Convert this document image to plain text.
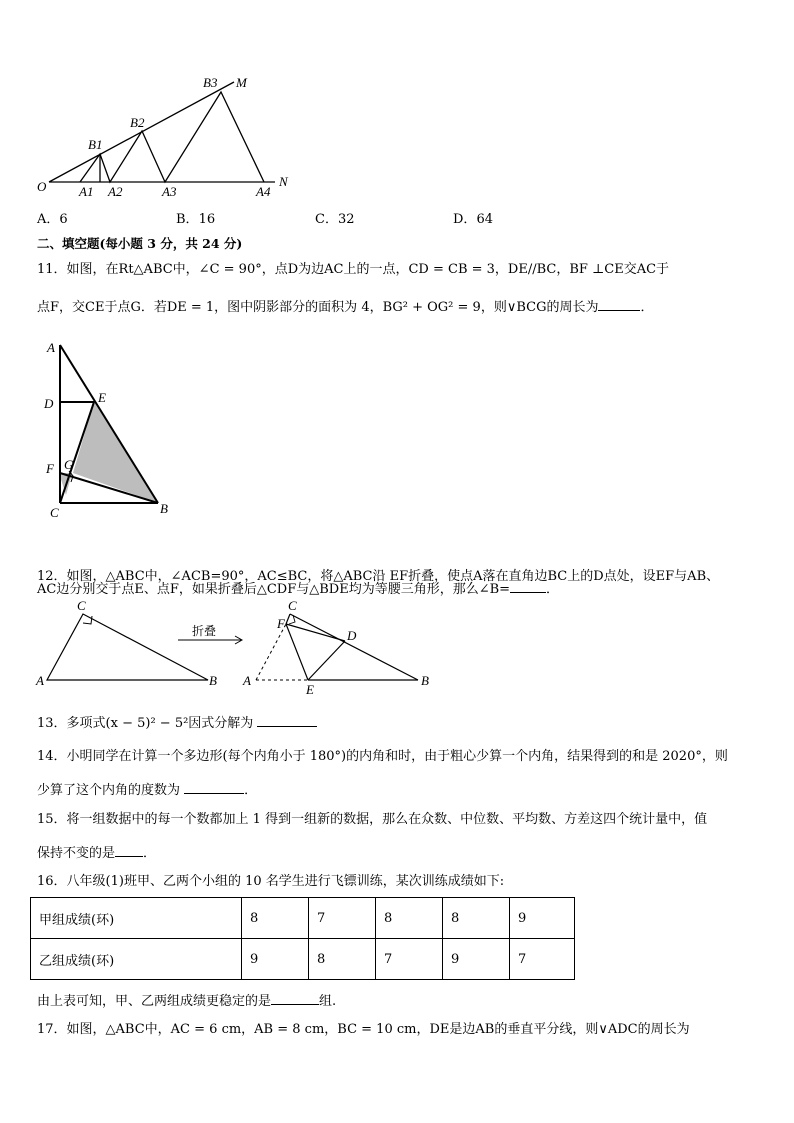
B3 M
B2
B1
O	A1 A2	A3	A4
N
A．6	B．16	C．32	D．64
二、填空题(每小题 3 分，共 24 分)
11．如图，在Rt△ABC中，∠C = 90°，点D为边AC上的一点，CD = CB = 3，DE//BC，BF ⊥CE交AC于
点F，交CE于点G．若DE = 1，图中阴影部分的面积为 4，BG² + OG² = 9，则∨BCG的周长为	．
A
D	E
F G
C	B
12．如图，△ABC中，∠ACB=90°，AC≤BC，将△ABC沿 EF折叠，使点A落在直角边BC上的D点处，设EF与AB、
AC边分别交于点E、点F，如果折叠后△CDF与△BDE均为等腰三角形，那么∠B=	．
C
A	B
C
F
D
A
E
B
折叠
13．多项式(x − 5)² − 5²因式分解为
14．小明同学在计算一个多边形(每个内角小于 180°)的内角和时，由于粗心少算一个内角，结果得到的和是 2020°，则
少算了这个内角的度数为	．
15．将一组数据中的每一个数都加上 1 得到一组新的数据，那么在众数、中位数、平均数、方差这四个统计量中，值
保持不变的是 ．
16．八年级(1)班甲、乙两个小组的 10 名学生进行飞镖训练，某次训练成绩如下:
甲组成绩(环)	8	7	8	8	9
乙组成绩(环)	9	8	7	9	7
由上表可知，甲、乙两组成绩更稳定的是	组.
17．如图，△ABC中，AC = 6 cm，AB = 8 cm，BC = 10 cm，DE是边AB的垂直平分线，则∨ADC的周长为
